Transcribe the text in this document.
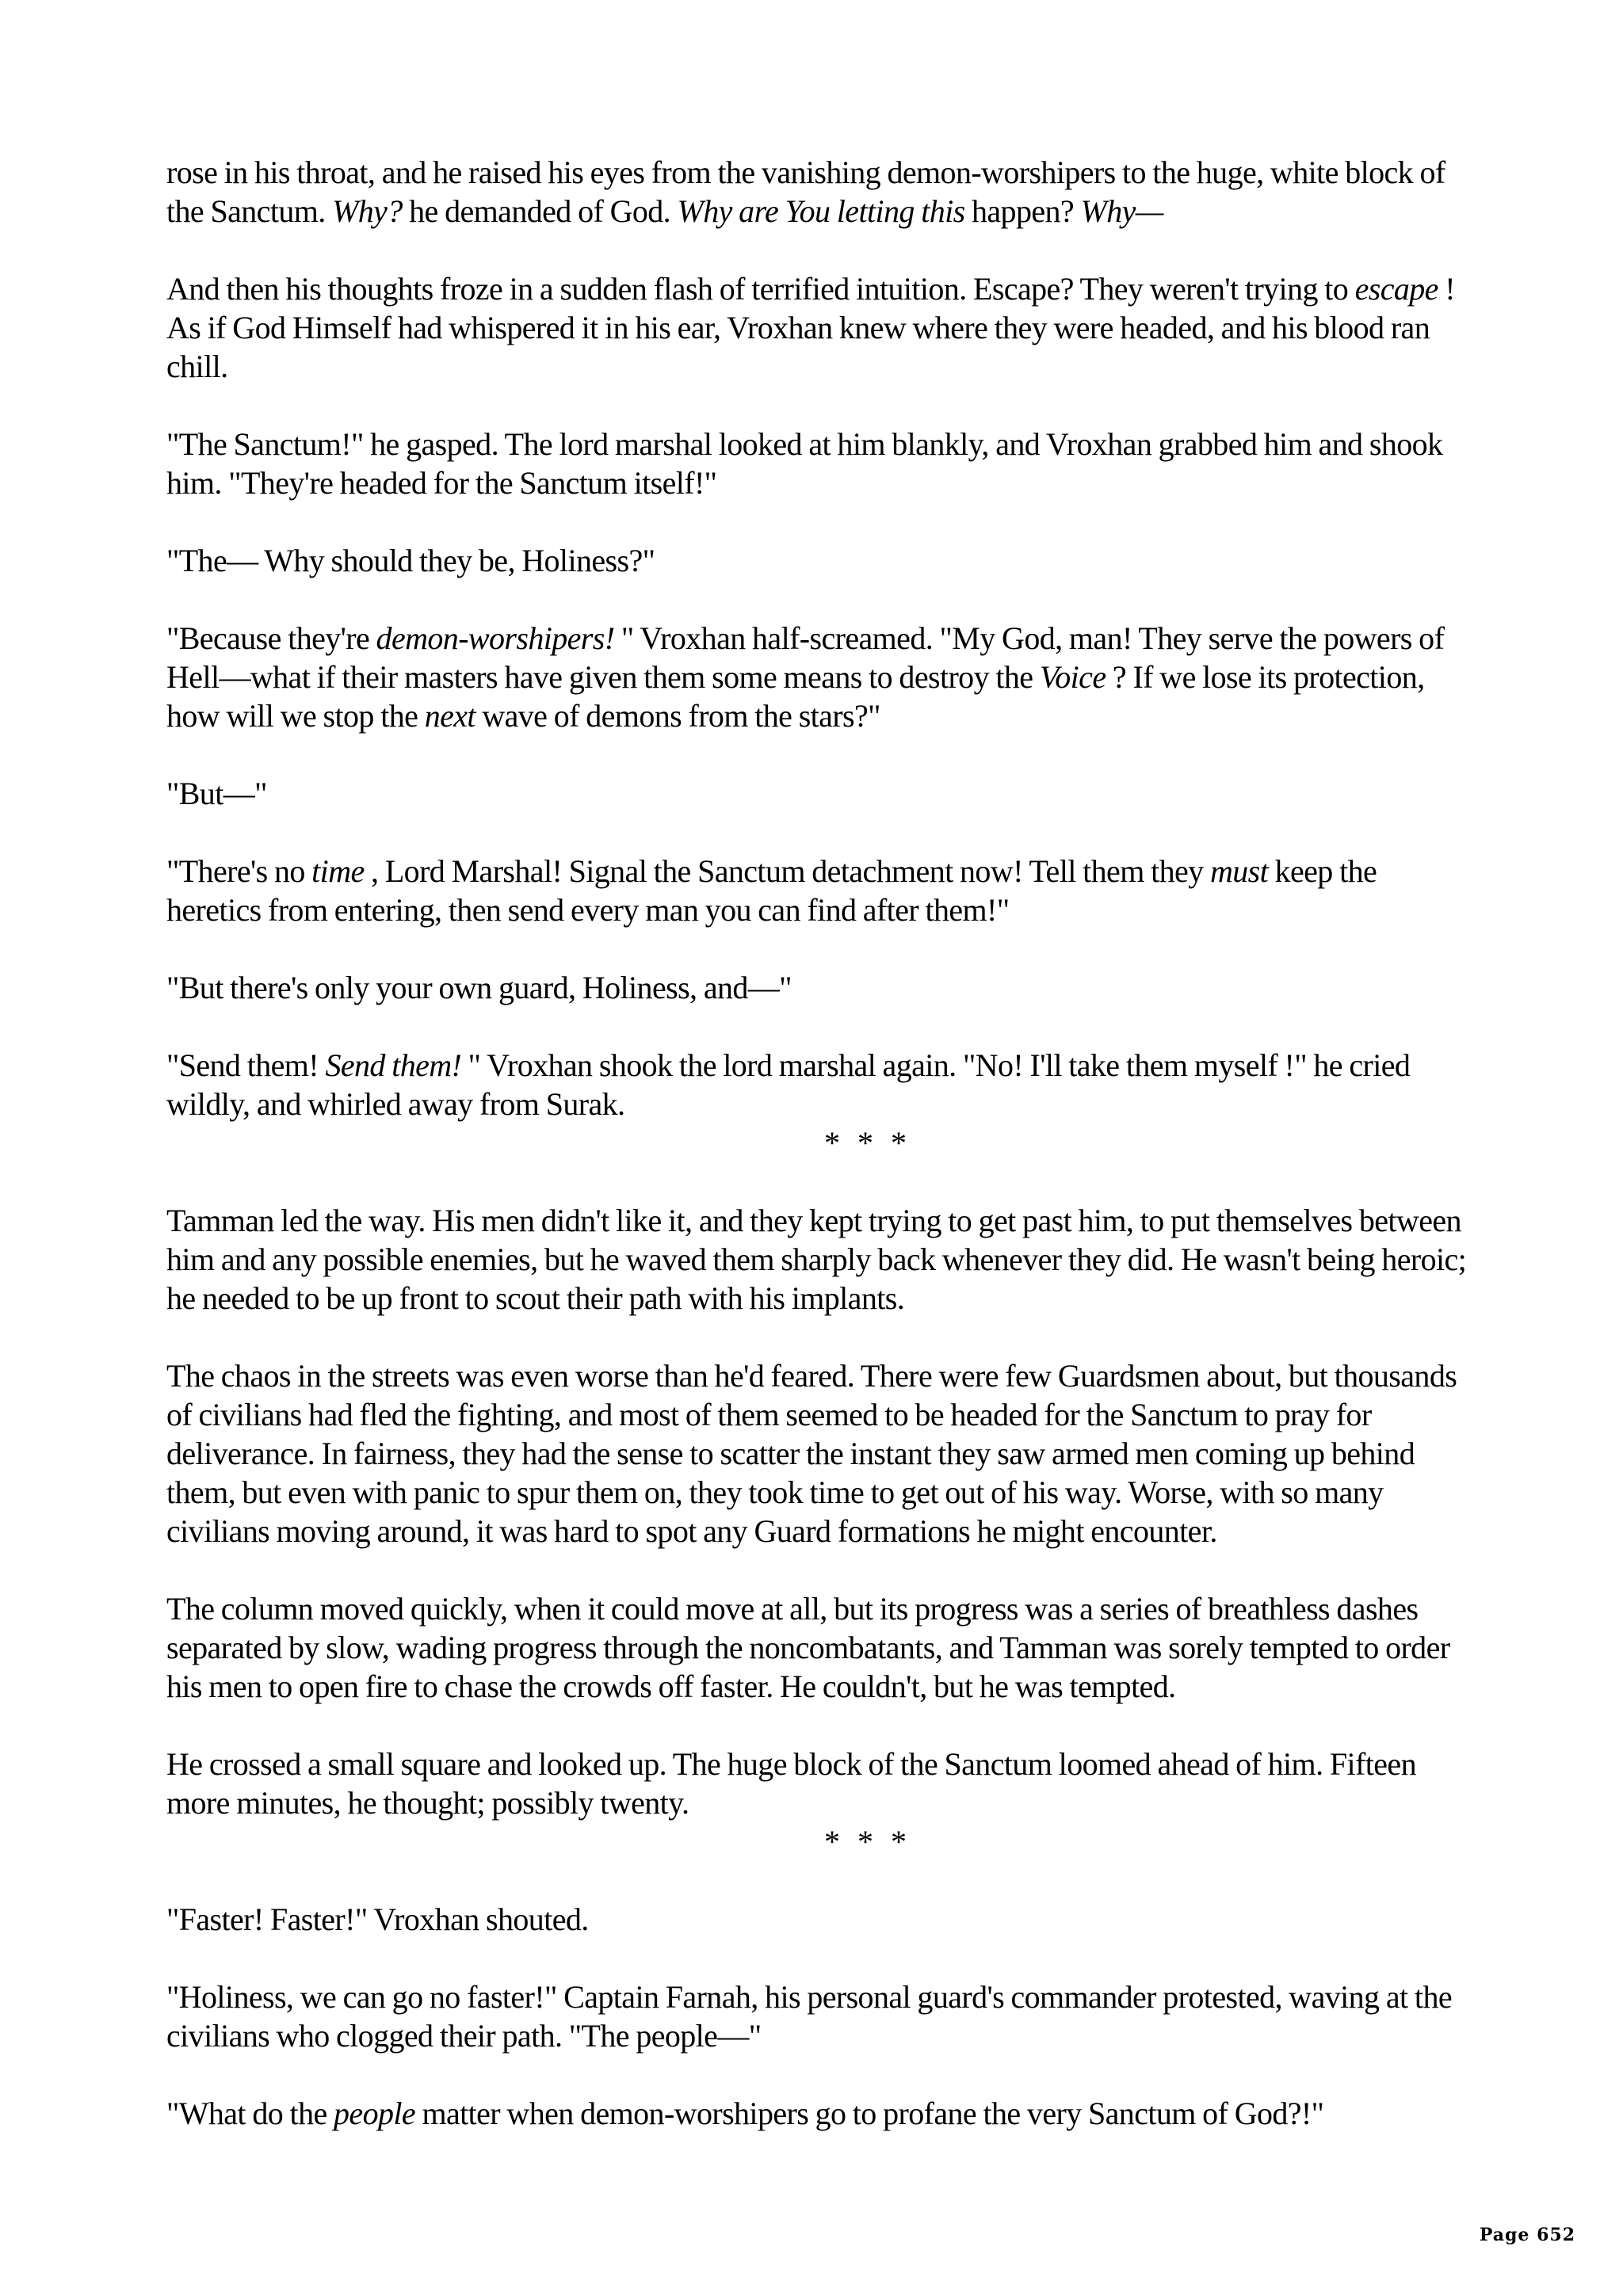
rose in his throat, and he raised his eyes from the vanishing demon-worshipers to the huge, white block of the Sanctum. Why? he demanded of God. Why are You letting this happen? Why—

And then his thoughts froze in a sudden flash of terrified intuition. Escape? They weren't trying to escape ! As if God Himself had whispered it in his ear, Vroxhan knew where they were headed, and his blood ran chill.

"The Sanctum!" he gasped. The lord marshal looked at him blankly, and Vroxhan grabbed him and shook him. "They're headed for the Sanctum itself!"

"The— Why should they be, Holiness?"

"Because they're demon-worshipers! " Vroxhan half-screamed. "My God, man! They serve the powers of Hell—what if their masters have given them some means to destroy the Voice ? If we lose its protection, how will we stop the next wave of demons from the stars?"

"But—"

"There's no time , Lord Marshal! Signal the Sanctum detachment now! Tell them they must keep the heretics from entering, then send every man you can find after them!"

"But there's only your own guard, Holiness, and—"

"Send them! Send them! " Vroxhan shook the lord marshal again. "No! I'll take them myself !" he cried wildly, and whirled away from Surak.

* * *

Tamman led the way. His men didn't like it, and they kept trying to get past him, to put themselves between him and any possible enemies, but he waved them sharply back whenever they did. He wasn't being heroic; he needed to be up front to scout their path with his implants.

The chaos in the streets was even worse than he'd feared. There were few Guardsmen about, but thousands of civilians had fled the fighting, and most of them seemed to be headed for the Sanctum to pray for deliverance. In fairness, they had the sense to scatter the instant they saw armed men coming up behind them, but even with panic to spur them on, they took time to get out of his way. Worse, with so many civilians moving around, it was hard to spot any Guard formations he might encounter.

The column moved quickly, when it could move at all, but its progress was a series of breathless dashes separated by slow, wading progress through the noncombatants, and Tamman was sorely tempted to order his men to open fire to chase the crowds off faster. He couldn't, but he was tempted.

He crossed a small square and looked up. The huge block of the Sanctum loomed ahead of him. Fifteen more minutes, he thought; possibly twenty.

* * *

"Faster! Faster!" Vroxhan shouted.

"Holiness, we can go no faster!" Captain Farnah, his personal guard's commander protested, waving at the civilians who clogged their path. "The people—"

"What do the people matter when demon-worshipers go to profane the very Sanctum of God?!"

Page 652
